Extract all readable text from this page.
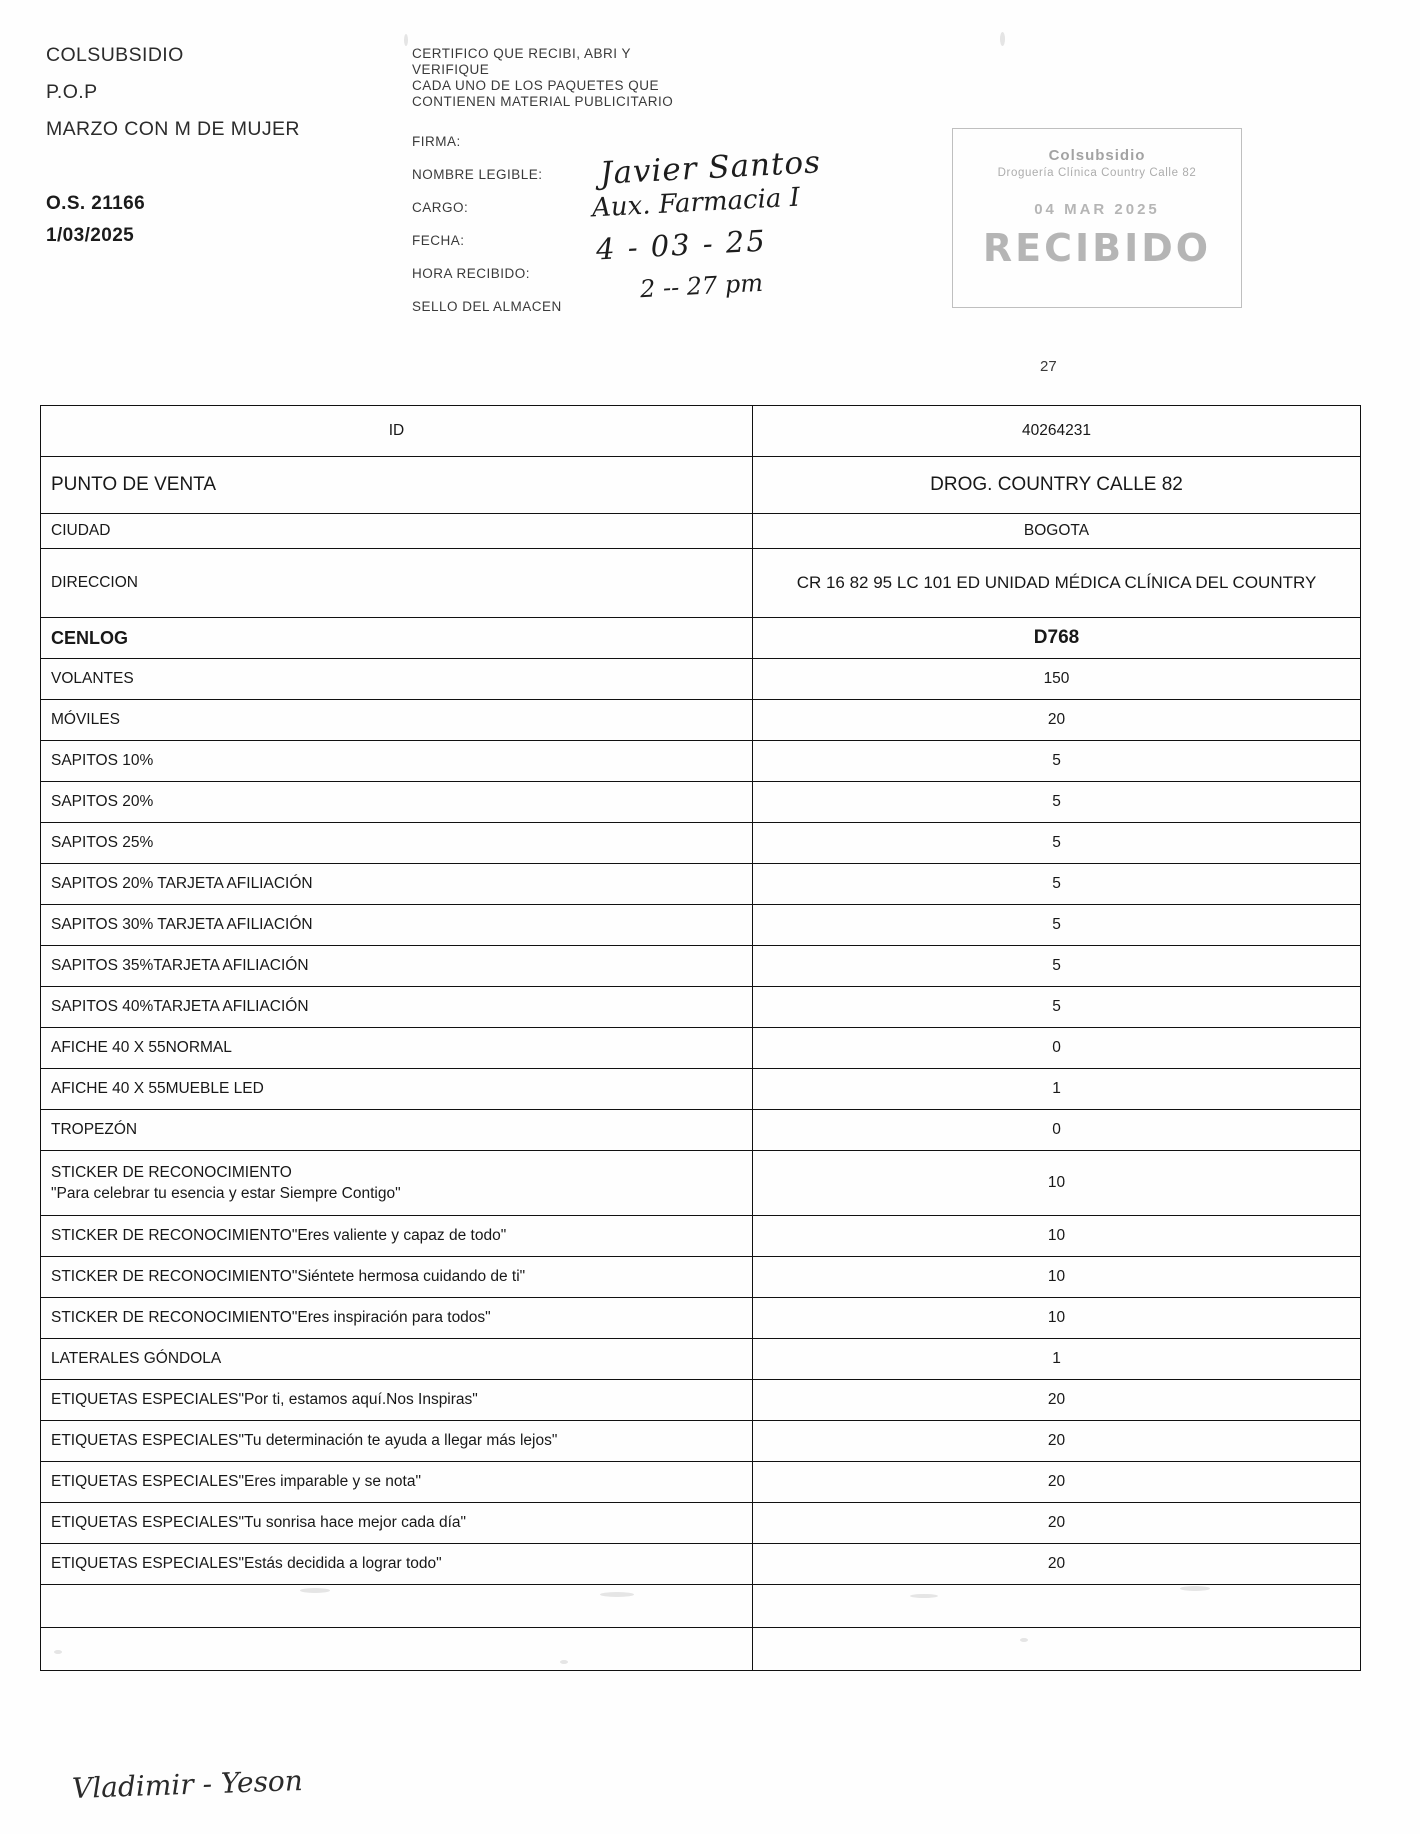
COLSUBSIDIO
P.O.P
MARZO CON M DE MUJER
O.S. 21166
1/03/2025
CERTIFICO QUE RECIBI, ABRI Y
VERIFIQUE
CADA UNO DE LOS PAQUETES QUE
CONTIENEN MATERIAL PUBLICITARIO
FIRMA:
NOMBRE LEGIBLE:
CARGO:
FECHA:
HORA RECIBIDO:
SELLO DEL ALMACEN
Javier Santos
Aux. Farmacia I
4 - 03 - 25
2 -- 27 pm
Vladimir - Yeson
Colsubsidio
Droguería Clínica Country Calle 82
04 MAR 2025
RECIBIDO
27
ID	40264231
PUNTO DE VENTA	DROG. COUNTRY CALLE 82
CIUDAD	BOGOTA
DIRECCION	CR 16 82 95 LC 101 ED UNIDAD MÉDICA CLÍNICA DEL COUNTRY
CENLOG	D768
VOLANTES	150
MÓVILES	20
SAPITOS 10%	5
SAPITOS 20%	5
SAPITOS 25%	5
SAPITOS 20% TARJETA AFILIACIÓN	5
SAPITOS 30% TARJETA AFILIACIÓN	5
SAPITOS 35%TARJETA AFILIACIÓN	5
SAPITOS 40%TARJETA AFILIACIÓN	5
AFICHE 40 X 55NORMAL	0
AFICHE 40 X 55MUEBLE LED	1
TROPEZÓN	0
STICKER DE RECONOCIMIENTO
"Para celebrar tu esencia y estar Siempre Contigo"	10
STICKER DE RECONOCIMIENTO"Eres valiente y capaz de todo"	10
STICKER DE RECONOCIMIENTO"Siéntete hermosa cuidando de ti"	10
STICKER DE RECONOCIMIENTO"Eres inspiración para todos"	10
LATERALES GÓNDOLA	1
ETIQUETAS ESPECIALES"Por ti, estamos aquí.Nos Inspiras"	20
ETIQUETAS ESPECIALES"Tu determinación te ayuda a llegar más lejos"	20
ETIQUETAS ESPECIALES"Eres imparable y se nota"	20
ETIQUETAS ESPECIALES"Tu sonrisa hace mejor cada día"	20
ETIQUETAS ESPECIALES"Estás decidida a lograr todo"	20
